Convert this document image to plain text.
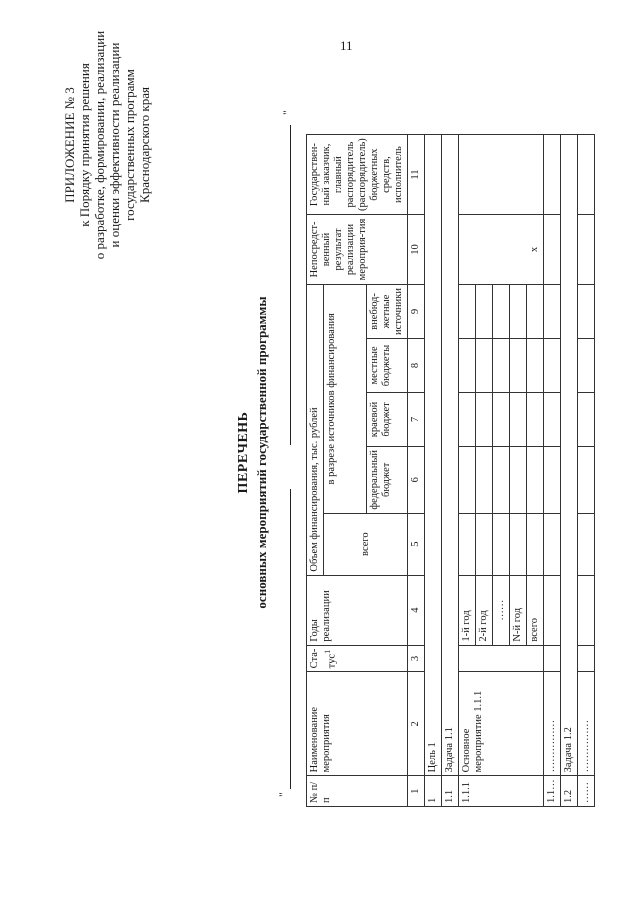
11
ПРИЛОЖЕНИЕ № 3 к Порядку принятия решения о разработке, формировании, реализации и оценки эффективности реализации государственных программ Краснодарского края
ПЕРЕЧЕНЬ основных мероприятий государственной программы
"
"
№ п/п	Наименование мероприятия	Ста-тус$^1$	Годы реализации	Объем финансирования, тыс. рублей					Непосредст-венный результат реализации мероприя-тия	Государствен-ный заказчик, главный распорядитель (распорядитель) бюджетных средств, исполнитель
				всего	в разрезе источников финансирования					
					федеральный бюджет	краевой бюджет	местные бюджеты	внебюд-жетные источники		
1	2	3	4	5	6	7	8	9	10	11
1	Цель 1									
1.1	Задача 1.1									
1.1.1	Основное мероприятие 1.1.1		1-й год						х	
			2-й год							
			……							
			N-й год							
			всего							
1.1…	……………									
1.2	Задача 1.2									
……	……………									
